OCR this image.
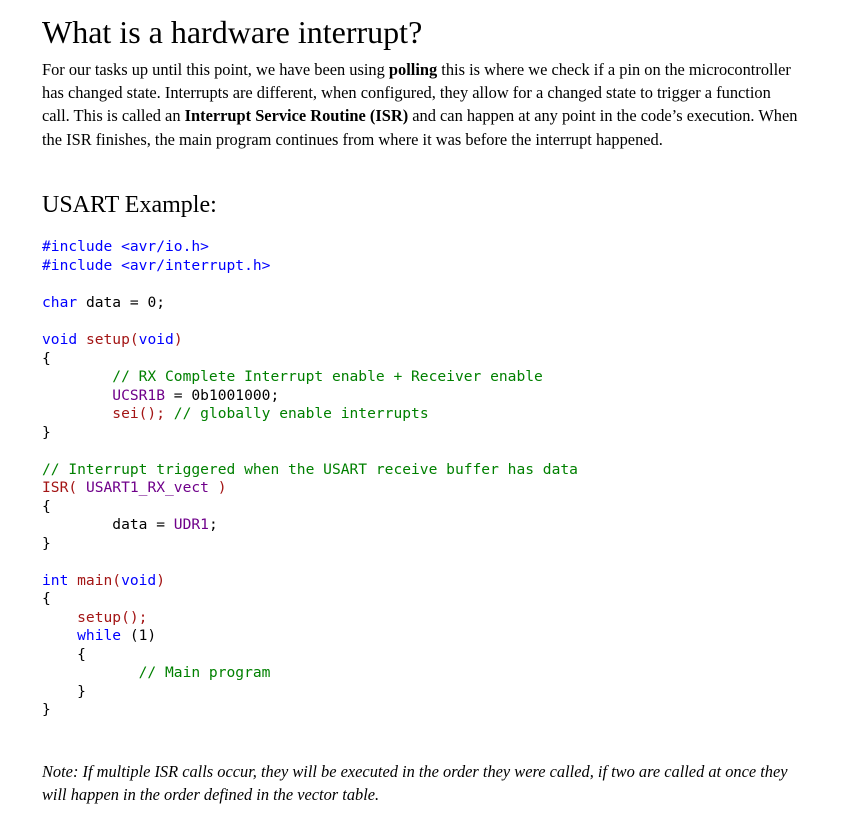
What is a hardware interrupt?

For our tasks up until this point, we have been using polling this is where we check if a pin on the microcontroller has changed state. Interrupts are different, when configured, they allow for a changed state to trigger a function call. This is called an Interrupt Service Routine (ISR) and can happen at any point in the code’s execution. When the ISR finishes, the main program continues from where it was before the interrupt happened.

USART Example:

#include <avr/io.h>

#include <avr/interrupt.h>

char data = 0;

void setup(void)

{

// RX Complete Interrupt enable + Receiver enable

UCSR1B = 0b1001000;

sei(); // globally enable interrupts

}

// Interrupt triggered when the USART receive buffer has data

ISR( USART1_RX_vect )

{

data = UDR1;

}

int main(void)

{

setup();

while (1)

{

// Main program

}

}

Note: If multiple ISR calls occur, they will be executed in the order they were called, if two are called at once they will happen in the order defined in the vector table.
